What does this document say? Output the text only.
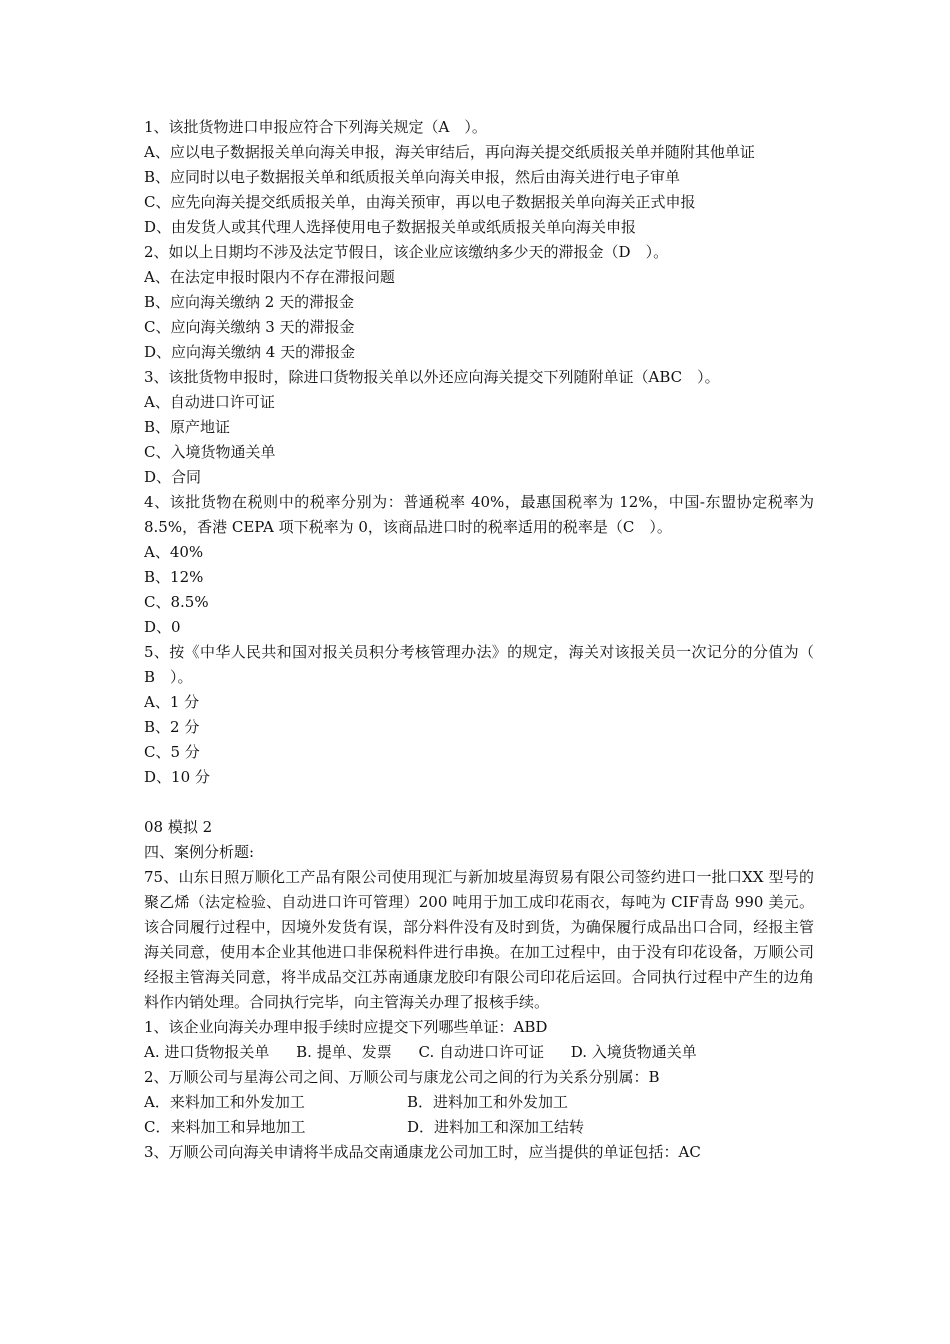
1、该批货物进口申报应符合下列海关规定（A　）。
A、应以电子数据报关单向海关申报，海关审结后，再向海关提交纸质报关单并随附其他单证
B、应同时以电子数据报关单和纸质报关单向海关申报，然后由海关进行电子审单
C、应先向海关提交纸质报关单，由海关预审，再以电子数据报关单向海关正式申报
D、由发货人或其代理人选择使用电子数据报关单或纸质报关单向海关申报
2、如以上日期均不涉及法定节假日，该企业应该缴纳多少天的滞报金（D　）。
A、在法定申报时限内不存在滞报问题
B、应向海关缴纳 2 天的滞报金
C、应向海关缴纳 3 天的滞报金
D、应向海关缴纳 4 天的滞报金
3、该批货物申报时，除进口货物报关单以外还应向海关提交下列随附单证（ABC　）。
A、自动进口许可证
B、原产地证
C、入境货物通关单
D、合同
4、该批货物在税则中的税率分别为：普通税率 40%，最惠国税率为 12%，中国-东盟协定税率为 8.5%，香港 CEPA 项下税率为 0，该商品进口时的税率适用的税率是（C　）。
A、40%
B、12%
C、8.5%
D、0
5、按《中华人民共和国对报关员积分考核管理办法》的规定，海关对该报关员一次记分的分值为（　B　）。
A、1 分
B、2 分
C、5 分
D、10 分
08 模拟 2
四、案例分析题:
75、山东日照万顺化工产品有限公司使用现汇与新加坡星海贸易有限公司签约进口一批口XX 型号的聚乙烯（法定检验、自动进口许可管理）200 吨用于加工成印花雨衣，每吨为 CIF青岛 990 美元。该合同履行过程中，因境外发货有误，部分料件没有及时到货，为确保履行成品出口合同，经报主管海关同意，使用本企业其他进口非保税料件进行串换。在加工过程中，由于没有印花设备，万顺公司经报主管海关同意，将半成品交江苏南通康龙胶印有限公司印花后运回。合同执行过程中产生的边角料作内销处理。合同执行完毕，向主管海关办理了报核手续。
1、该企业向海关办理申报手续时应提交下列哪些单证：ABD
A. 进口货物报关单 B. 提单、发票 C. 自动进口许可证 D. 入境货物通关单
2、万顺公司与星海公司之间、万顺公司与康龙公司之间的行为关系分别属：B
A．来料加工和外发加工	B．进料加工和外发加工
C．来料加工和异地加工	D．进料加工和深加工结转
3、万顺公司向海关申请将半成品交南通康龙公司加工时，应当提供的单证包括：AC
